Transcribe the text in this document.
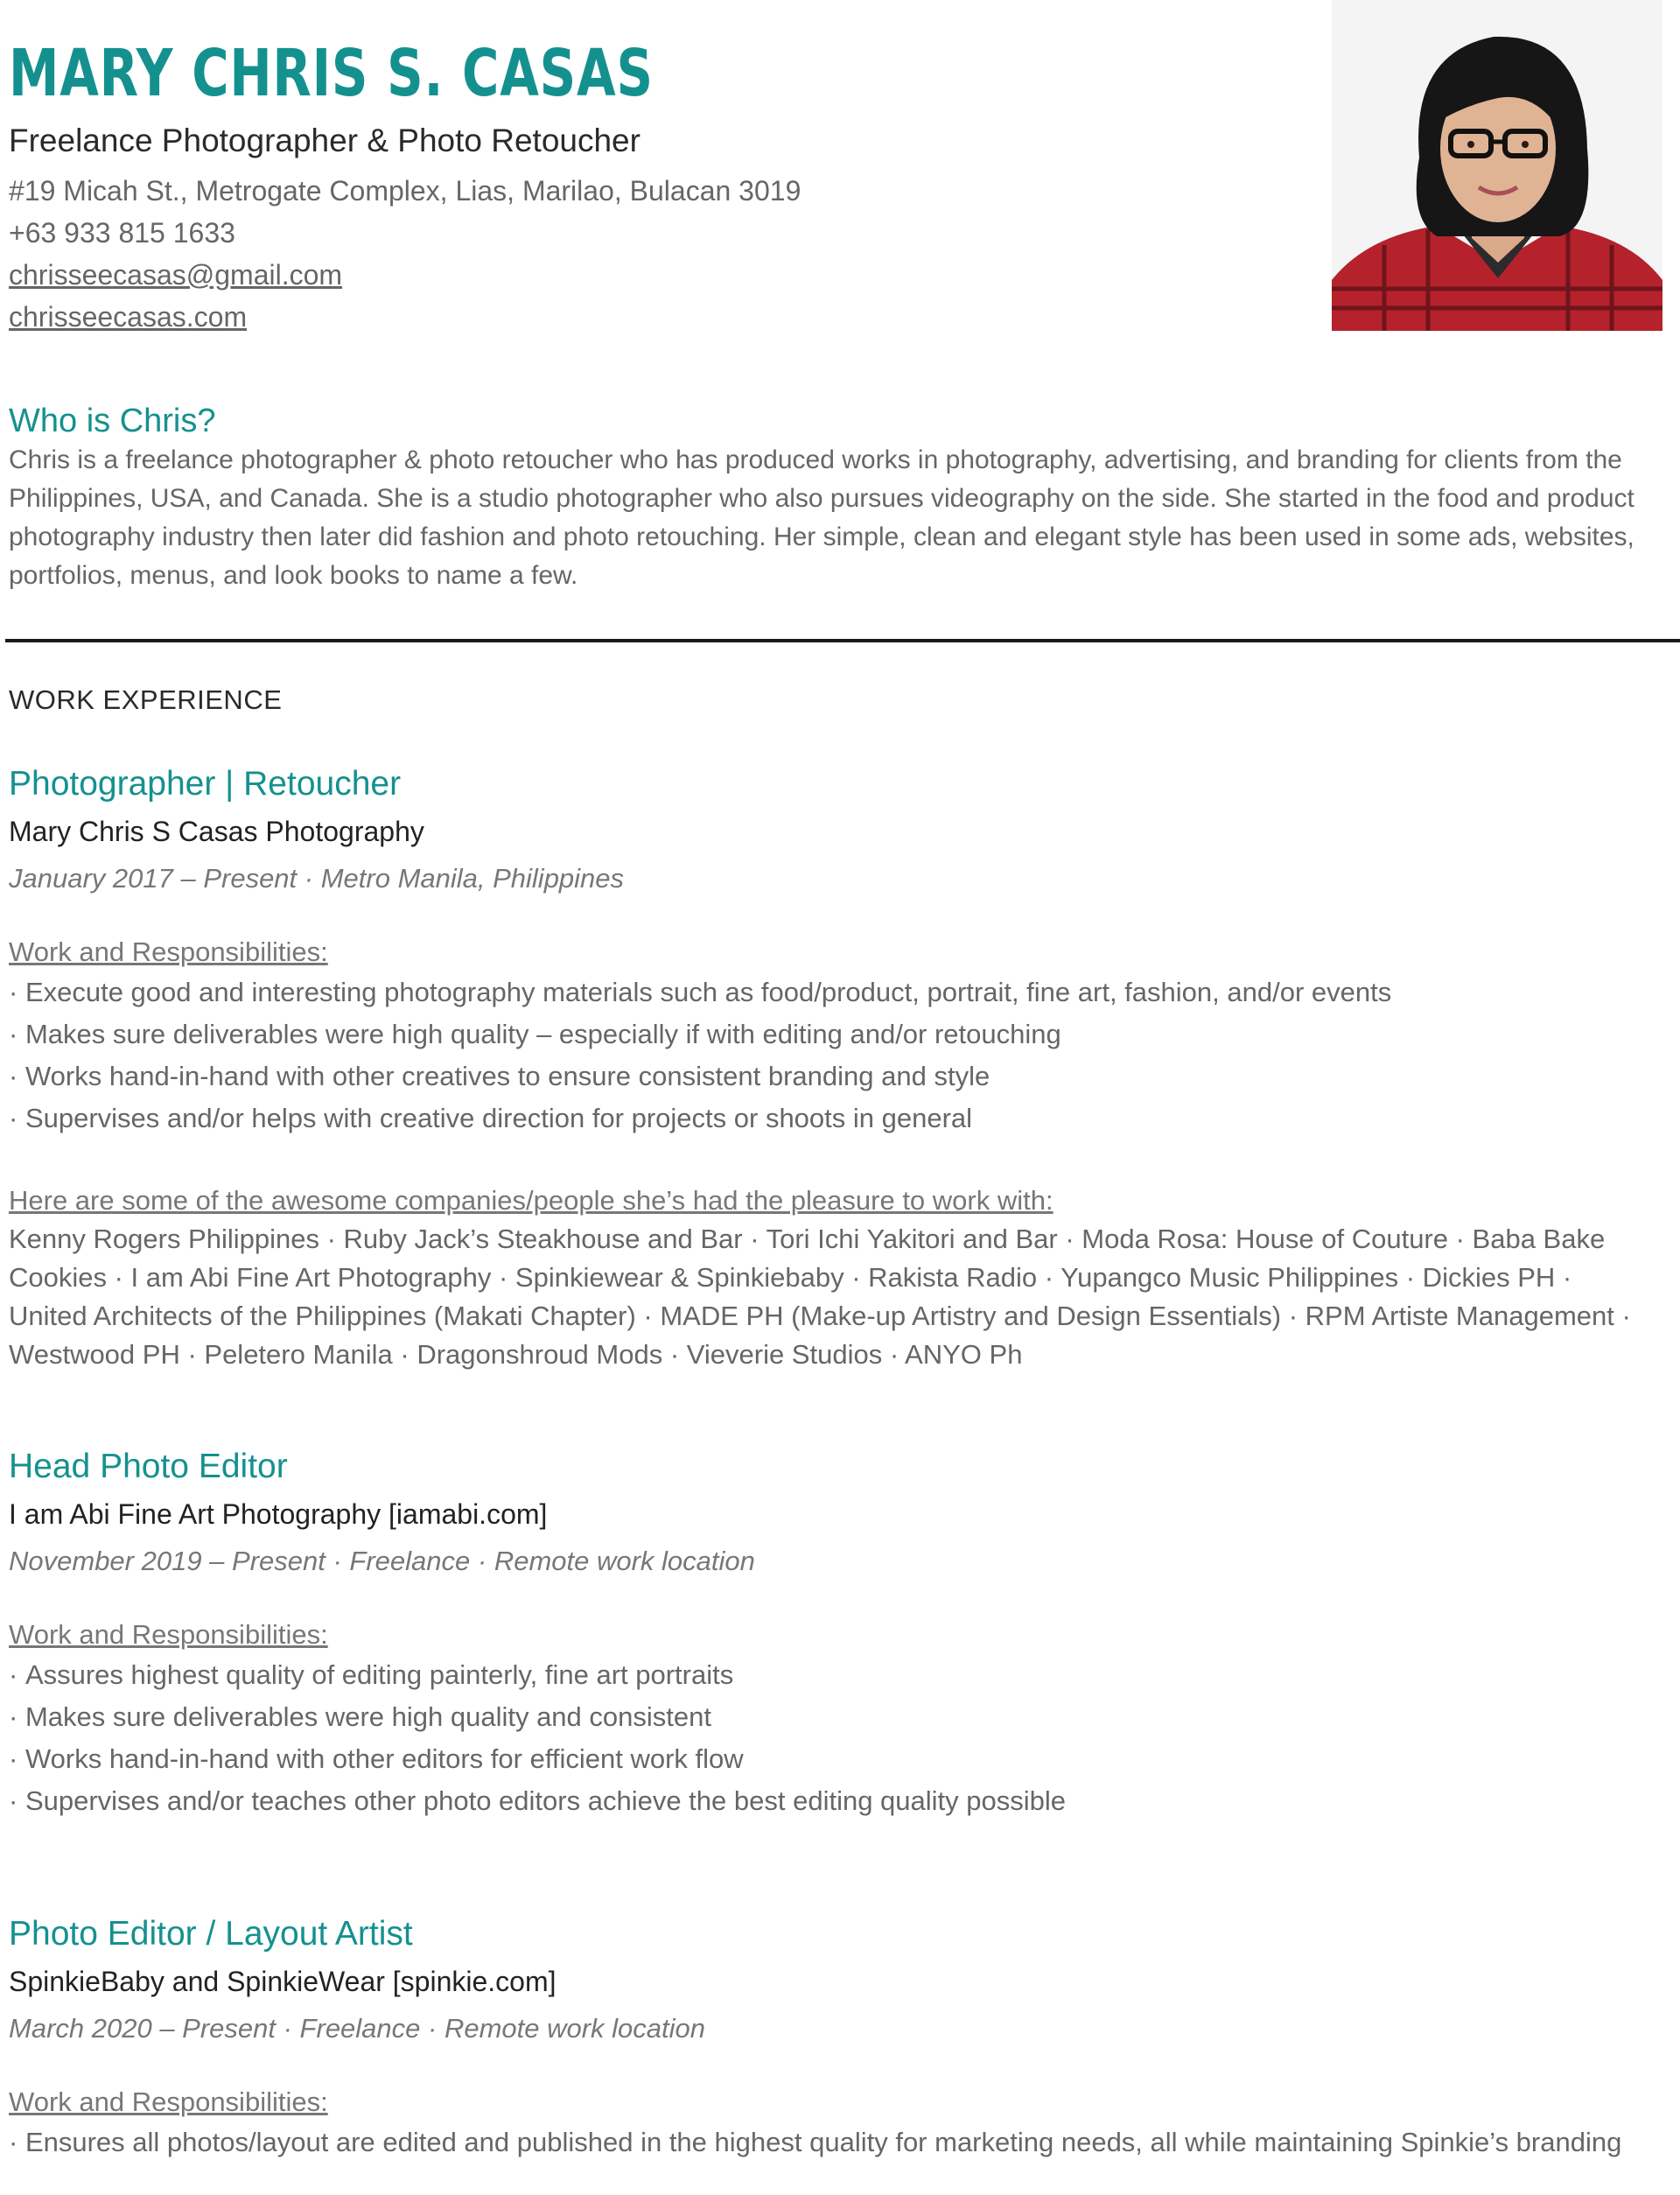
MARY CHRIS S. CASAS
Freelance Photographer & Photo Retoucher
#19 Micah St., Metrogate Complex, Lias, Marilao, Bulacan 3019
+63 933 815 1633
chrisseecasas@gmail.com
chrisseecasas.com
Who is Chris?

Chris is a freelance photographer & photo retoucher who has produced works in photography, advertising, and branding for clients from the Philippines, USA, and Canada. She is a studio photographer who also pursues videography on the side. She started in the food and product photography industry then later did fashion and photo retouching. Her simple, clean and elegant style has been used in some ads, websites, portfolios, menus, and look books to name a few.

WORK EXPERIENCE
Photographer | Retoucher
Mary Chris S Casas Photography
January 2017 – Present · Metro Manila, Philippines
Work and Responsibilities:
· Execute good and interesting photography materials such as food/product, portrait, fine art, fashion, and/or events
· Makes sure deliverables were high quality – especially if with editing and/or retouching
· Works hand-in-hand with other creatives to ensure consistent branding and style
· Supervises and/or helps with creative direction for projects or shoots in general
Here are some of the awesome companies/people she’s had the pleasure to work with:
Kenny Rogers Philippines · Ruby Jack’s Steakhouse and Bar · Tori Ichi Yakitori and Bar · Moda Rosa: House of Couture · Baba Bake Cookies · I am Abi Fine Art Photography · Spinkiewear & Spinkiebaby · Rakista Radio · Yupangco Music Philippines · Dickies PH · United Architects of the Philippines (Makati Chapter) · MADE PH (Make-up Artistry and Design Essentials) · RPM Artiste Management · Westwood PH · Peletero Manila · Dragonshroud Mods · Vieverie Studios · ANYO Ph
Head Photo Editor
I am Abi Fine Art Photography [iamabi.com]
November 2019 – Present · Freelance · Remote work location
Work and Responsibilities:
· Assures highest quality of editing painterly, fine art portraits
· Makes sure deliverables were high quality and consistent
· Works hand-in-hand with other editors for efficient work flow
· Supervises and/or teaches other photo editors achieve the best editing quality possible
Photo Editor / Layout Artist
SpinkieBaby and SpinkieWear [spinkie.com]
March 2020 – Present · Freelance · Remote work location
Work and Responsibilities:
· Ensures all photos/layout are edited and published in the highest quality for marketing needs, all while maintaining Spinkie’s branding
